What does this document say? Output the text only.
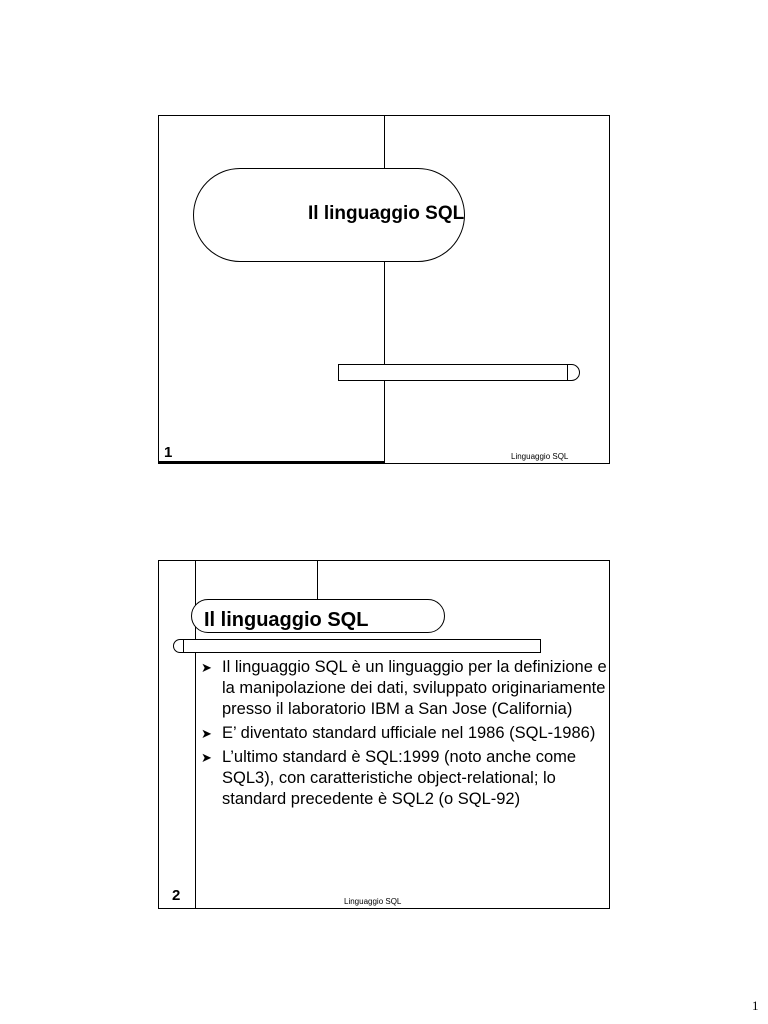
Il linguaggio SQL
1	Linguaggio SQL
Il linguaggio SQL
➤ Il linguaggio SQL è un linguaggio per la definizione e la manipolazione dei dati, sviluppato originariamente presso il laboratorio IBM a San Jose (California)
➤ E’ diventato standard ufficiale nel 1986 (SQL-1986)
➤ L’ultimo standard è SQL:1999 (noto anche come SQL3), con caratteristiche object-relational; lo standard precedente è SQL2 (o SQL-92)
2	Linguaggio SQL
1
